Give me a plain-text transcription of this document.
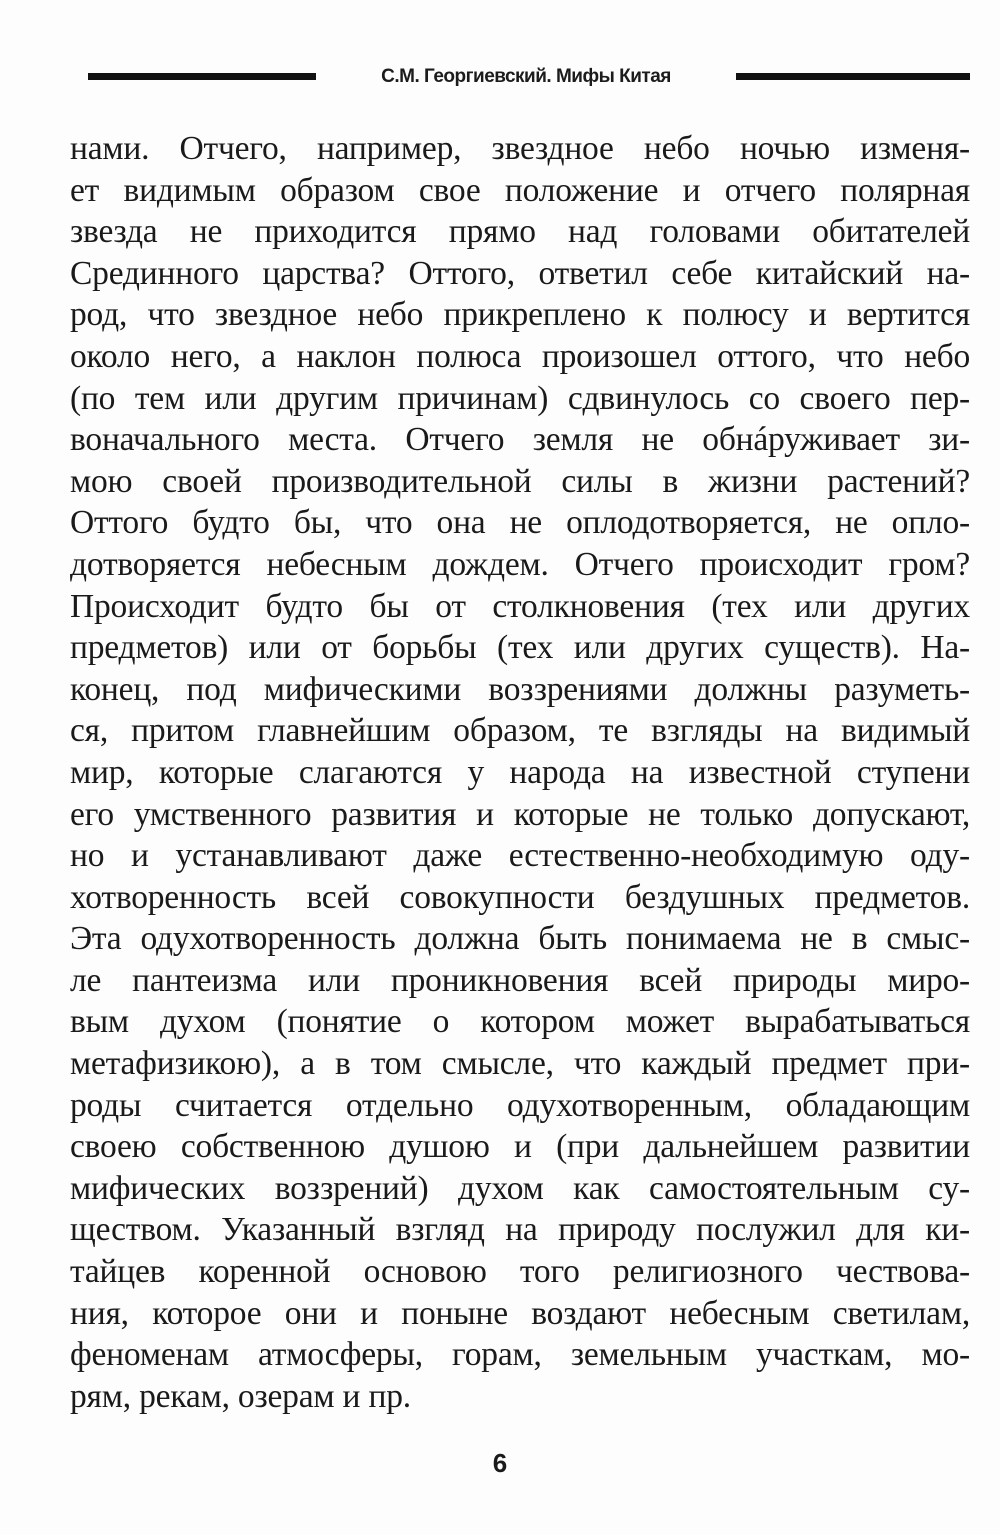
С.М. Георгиевский. Мифы Китая
нами. Отчего, например, звездное небо ночью изменя-
ет видимым образом свое положение и отчего полярная
звезда не приходится прямо над головами обитателей
Срединного царства? Оттого, ответил себе китайский на-
род, что звездное небо прикреплено к полюсу и вертится
около него, а наклон полюса произошел оттого, что небо
(по тем или другим причинам) сдвинулось со своего пер-
воначального места. Отчего земля не обнáруживает зи-
мою своей производительной силы в жизни растений?
Оттого будто бы, что она не оплодотворяется, не опло-
дотворяется небесным дождем. Отчего происходит гром?
Происходит будто бы от столкновения (тех или других
предметов) или от борьбы (тех или других существ). На-
конец, под мифическими воззрениями должны разуметь-
ся, притом главнейшим образом, те взгляды на видимый
мир, которые слагаются у народа на известной ступени
его умственного развития и которые не только допускают,
но и устанавливают даже естественно-необходимую оду-
хотворенность всей совокупности бездушных предметов.
Эта одухотворенность должна быть понимаема не в смыс-
ле пантеизма или проникновения всей природы миро-
вым духом (понятие о котором может вырабатываться
метафизикою), а в том смысле, что каждый предмет при-
роды считается отдельно одухотворенным, обладающим
своею собственною душою и (при дальнейшем развитии
мифических воззрений) духом как самостоятельным су-
ществом. Указанный взгляд на природу послужил для ки-
тайцев коренной основою того религиозного чествова-
ния, которое они и поныне воздают небесным светилам,
феноменам атмосферы, горам, земельным участкам, мо-
рям, рекам, озерам и пр.
6
